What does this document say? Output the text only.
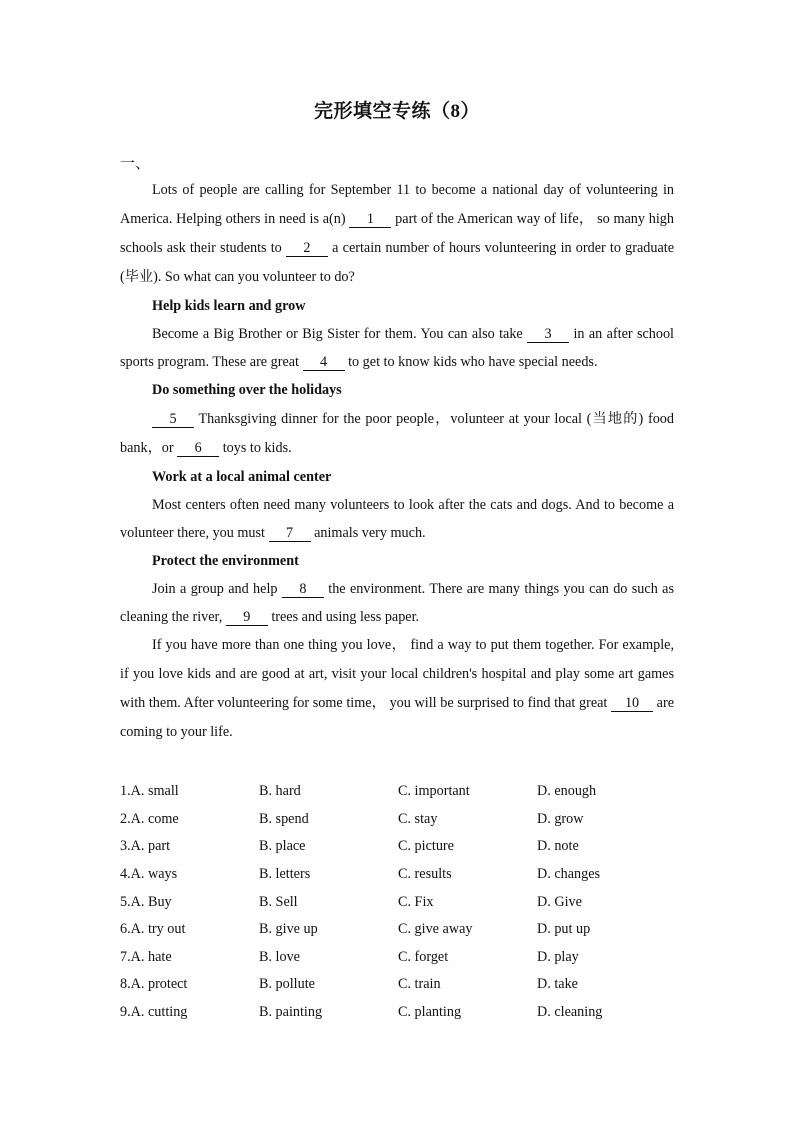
完形填空专练（8）
一、

Lots of people are calling for September 11 to become a national day of volunteering in America. Helping others in need is a(n) 1 part of the American way of life， so many high schools ask their students to 2 a certain number of hours volunteering in order to graduate (毕业). So what can you volunteer to do?

Help kids learn and grow

Become a Big Brother or Big Sister for them. You can also take 3 in an after school sports program. These are great 4 to get to know kids who have special needs.

Do something over the holidays

5 Thanksgiving dinner for the poor people，volunteer at your local (当地的) food bank，or 6 toys to kids.

Work at a local animal center

Most centers often need many volunteers to look after the cats and dogs. And to become a volunteer there, you must 7 animals very much.

Protect the environment

Join a group and help 8 the environment. There are many things you can do such as cleaning the river, 9 trees and using less paper.

If you have more than one thing you love， find a way to put them together. For example, if you love kids and are good at art, visit your local children's hospital and play some art games with them. After volunteering for some time， you will be surprised to find that great 10 are coming to your life.

1.A. small	B. hard	C. important	D. enough
2.A. come	B. spend	C. stay	D. grow
3.A. part	B. place	C. picture	D. note
4.A. ways	B. letters	C. results	D. changes
5.A. Buy	B. Sell	C. Fix	D. Give
6.A. try out	B. give up	C. give away	D. put up
7.A. hate	B. love	C. forget	D. play
8.A. protect	B. pollute	C. train	D. take
9.A. cutting	B. painting	C. planting	D. cleaning
